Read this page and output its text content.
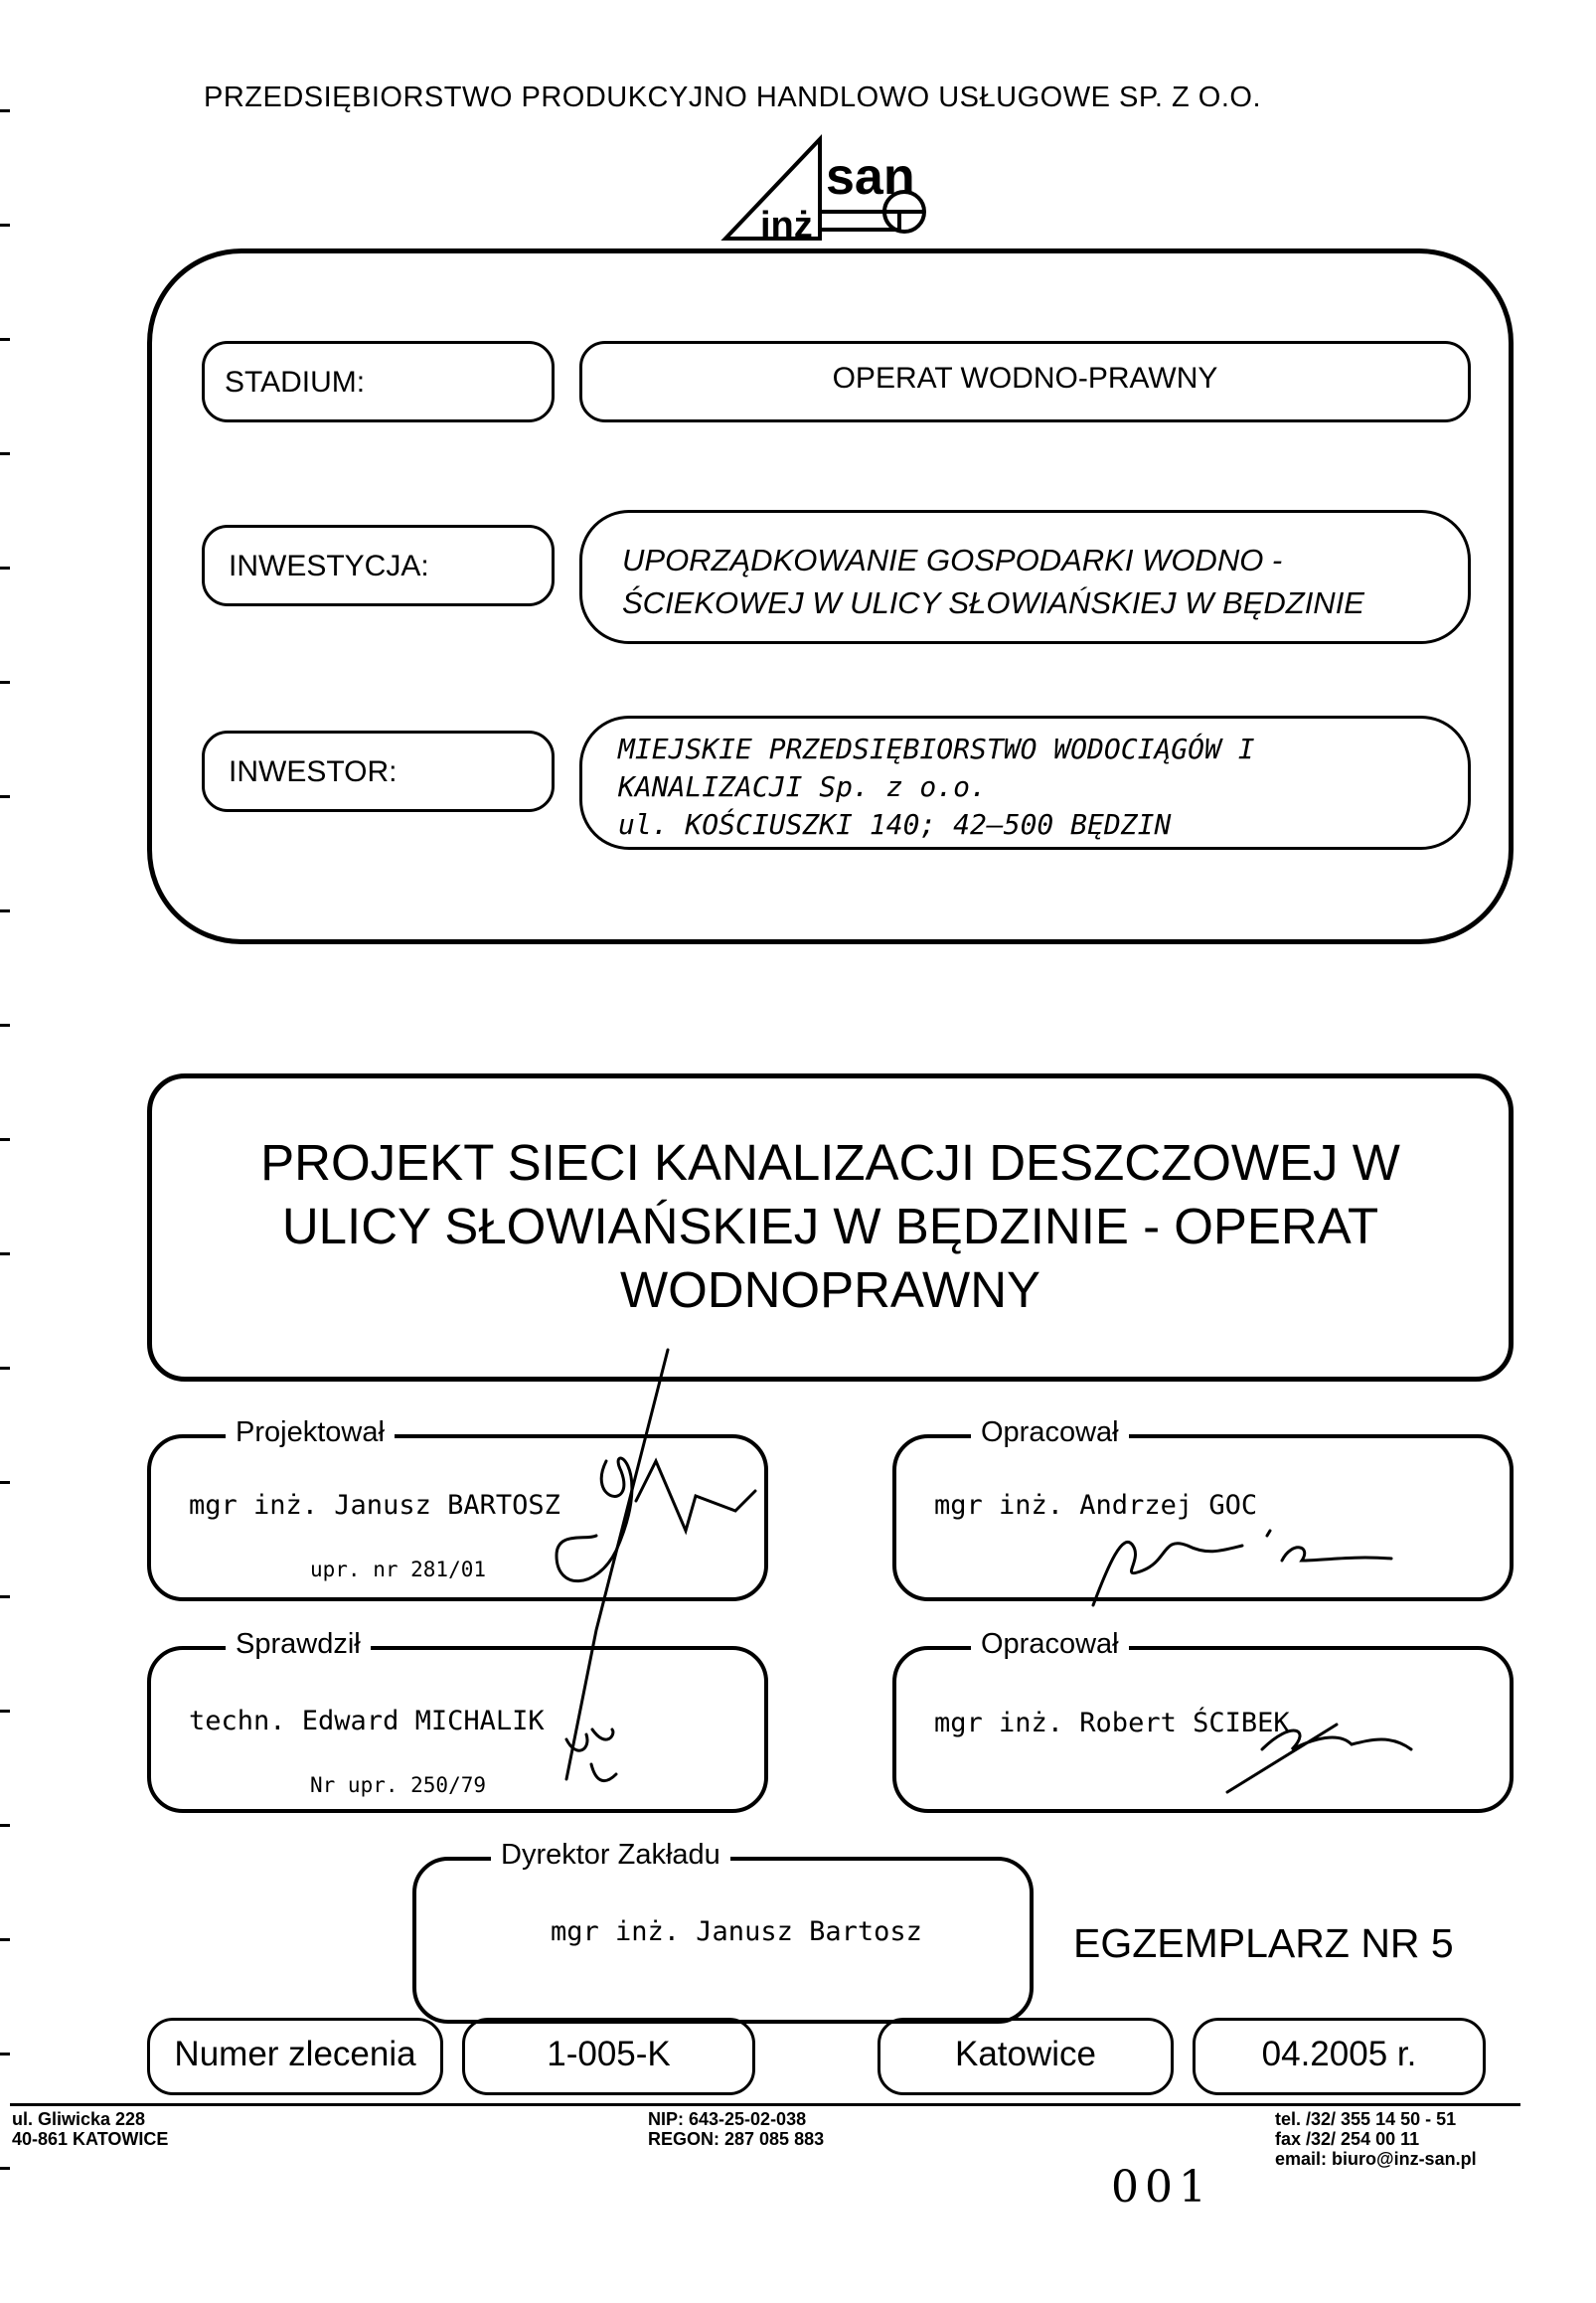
PRZEDSIĘBIORSTWO PRODUKCYJNO HANDLOWO USŁUGOWE SP. Z O.O.
san
inż
STADIUM:	OPERAT WODNO-PRAWNY
INWESTYCJA:	UPORZĄDKOWANIE GOSPODARKI WODNO -
ŚCIEKOWEJ W ULICY SŁOWIAŃSKIEJ W BĘDZINIE
INWESTOR:
MIEJSKIE PRZEDSIĘBIORSTWO WODOCIĄGÓW I
KANALIZACJI Sp. z o.o.
ul. KOŚCIUSZKI 140; 42–500 BĘDZIN
PROJEKT SIECI KANALIZACJI DESZCZOWEJ W
ULICY SŁOWIAŃSKIEJ W BĘDZINIE - OPERAT
WODNOPRAWNY
Projektował
mgr inż. Janusz BARTOSZ
upr. nr 281/01
Opracował
mgr inż. Andrzej GOC
Sprawdził
techn. Edward MICHALIK
Nr upr. 250/79
Opracował
mgr inż. Robert ŚCIBEK
Dyrektor Zakładu
mgr inż. Janusz Bartosz	EGZEMPLARZ NR 5
Numer zlecenia	1-005-K	Katowice	04.2005 r.
ul. Gliwicka 228
40-861 KATOWICE
NIP: 643-25-02-038
REGON: 287 085 883
tel. /32/ 355 14 50 - 51
fax /32/ 254 00 11
email: biuro@inz-san.pl
001
